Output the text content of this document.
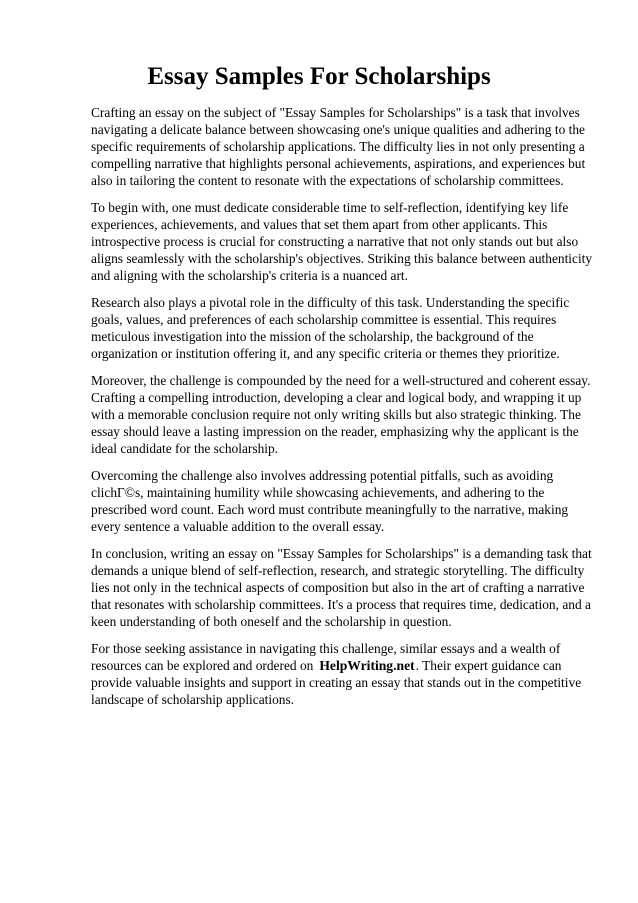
Essay Samples For Scholarships

Crafting an essay on the subject of "Essay Samples for Scholarships" is a task that involves navigating a delicate balance between showcasing one's unique qualities and adhering to the specific requirements of scholarship applications. The difficulty lies in not only presenting a compelling narrative that highlights personal achievements, aspirations, and experiences but also in tailoring the content to resonate with the expectations of scholarship committees.

To begin with, one must dedicate considerable time to self-reflection, identifying key life experiences, achievements, and values that set them apart from other applicants. This introspective process is crucial for constructing a narrative that not only stands out but also aligns seamlessly with the scholarship's objectives. Striking this balance between authenticity and aligning with the scholarship's criteria is a nuanced art.

Research also plays a pivotal role in the difficulty of this task. Understanding the specific goals, values, and preferences of each scholarship committee is essential. This requires meticulous investigation into the mission of the scholarship, the background of the organization or institution offering it, and any specific criteria or themes they prioritize.

Moreover, the challenge is compounded by the need for a well-structured and coherent essay. Crafting a compelling introduction, developing a clear and logical body, and wrapping it up with a memorable conclusion require not only writing skills but also strategic thinking. The essay should leave a lasting impression on the reader, emphasizing why the applicant is the ideal candidate for the scholarship.

Overcoming the challenge also involves addressing potential pitfalls, such as avoiding clichГ©s, maintaining humility while showcasing achievements, and adhering to the prescribed word count. Each word must contribute meaningfully to the narrative, making every sentence a valuable addition to the overall essay.

In conclusion, writing an essay on "Essay Samples for Scholarships" is a demanding task that demands a unique blend of self-reflection, research, and strategic storytelling. The difficulty lies not only in the technical aspects of composition but also in the art of crafting a narrative that resonates with scholarship committees. It's a process that requires time, dedication, and a keen understanding of both oneself and the scholarship in question.

For those seeking assistance in navigating this challenge, similar essays and a wealth of resources can be explored and ordered on HelpWriting.net. Their expert guidance can provide valuable insights and support in creating an essay that stands out in the competitive landscape of scholarship applications.
